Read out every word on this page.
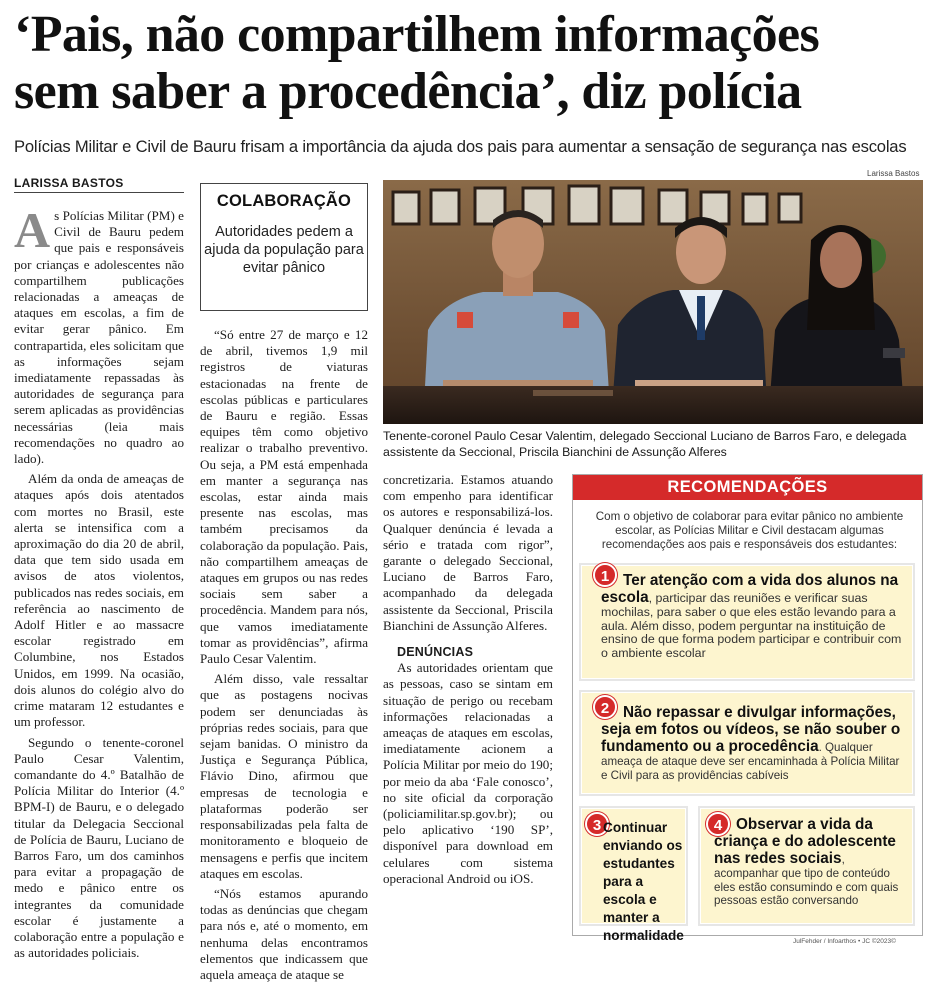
‘Pais, não compartilhem informações
sem saber a procedência’, diz polícia
Polícias Militar e Civil de Bauru frisam a importância da ajuda dos pais para aumentar a sensação de segurança nas escolas
LARISSA BASTOS

As Polícias Militar (PM) e Civil de Bauru pedem que pais e responsáveis por crianças e adolescentes não compartilhem publicações relacionadas a ameaças de ataques em escolas, a fim de evitar gerar pânico. Em contrapartida, eles solicitam que as informações sejam imediatamente repassadas às autoridades de segurança para serem aplicadas as providências necessárias (leia mais recomendações no quadro ao lado).

Além da onda de ameaças de ataques após dois atentados com mortes no Brasil, este alerta se intensifica com a aproximação do dia 20 de abril, data que tem sido usada em avisos de atos violentos, publicados nas redes sociais, em referência ao nascimento de Adolf Hitler e ao massacre escolar registrado em Columbine, nos Estados Unidos, em 1999. Na ocasião, dois alunos do colégio alvo do crime mataram 12 estudantes e um professor.

Segundo o tenente-coronel Paulo Cesar Valentim, comandante do 4.º Batalhão de Polícia Militar do Interior (4.º BPM-I) de Bauru, e o delegado titular da Delegacia Seccional de Polícia de Bauru, Luciano de Barros Faro, um dos caminhos para evitar a propagação de medo e pânico entre os integrantes da comunidade escolar é justamente a colaboração entre a população e as autoridades policiais.

COLABORAÇÃO
Autoridades pedem a ajuda da população para evitar pânico

“Só entre 27 de março e 12 de abril, tivemos 1,9 mil registros de viaturas estacionadas na frente de escolas públicas e particulares de Bauru e região. Essas equipes têm como objetivo realizar o trabalho preventivo. Ou seja, a PM está empenhada em manter a segurança nas escolas, estar ainda mais presente nas escolas, mas também precisamos da colaboração da população. Pais, não compartilhem ameaças de ataques em grupos ou nas redes sociais sem saber a procedência. Mandem para nós, que vamos imediatamente tomar as providências”, afirma Paulo Cesar Valentim.

Além disso, vale ressaltar que as postagens nocivas podem ser denunciadas às próprias redes sociais, para que sejam banidas. O ministro da Justiça e Segurança Pública, Flávio Dino, afirmou que empresas de tecnologia e plataformas poderão ser responsabilizadas pela falta de monitoramento e bloqueio de mensagens e perfis que incitem ataques em escolas.

“Nós estamos apurando todas as denúncias que chegam para nós e, até o momento, em nenhuma delas encontramos elementos que indicassem que aquela ameaça de ataque se

Larissa Bastos
Tenente-coronel Paulo Cesar Valentim, delegado Seccional Luciano de Barros Faro, e delegada assistente da Seccional, Priscila Bianchini de Assunção Alferes

concretizaria. Estamos atuando com empenho para identificar os autores e responsabilizá-los. Qualquer denúncia é levada a sério e tratada com rigor”, garante o delegado Seccional, Luciano de Barros Faro, acompanhado da delegada assistente da Seccional, Priscila Bianchini de Assunção Alferes.

DENÚNCIAS

As autoridades orientam que as pessoas, caso se sintam em situação de perigo ou recebam informações relacionadas a ameaças de ataques em escolas, imediatamente acionem a Polícia Militar por meio do 190; por meio da aba ‘Fale conosco’, no site oficial da corporação (policiamilitar.sp.gov.br); ou pelo aplicativo ‘190 SP’, disponível para download em celulares com sistema operacional Android ou iOS.

RECOMENDAÇÕES
Com o objetivo de colaborar para evitar pânico no ambiente escolar, as Polícias Militar e Civil destacam algumas recomendações aos pais e responsáveis dos estudantes:
1 Ter atenção com a vida dos alunos na escola, participar das reuniões e verificar suas mochilas, para saber o que eles estão levando para a aula. Além disso, podem perguntar na instituição de ensino de que forma podem participar e contribuir com o ambiente escolar
2 Não repassar e divulgar informações, seja em fotos ou vídeos, se não souber o fundamento ou a procedência. Qualquer ameaça de ataque deve ser encaminhada à Polícia Militar e Civil para as providências cabíveis
3 Continuar enviando os estudantes para a escola e manter a normalidade
4 Observar a vida da criança e do adolescente nas redes sociais, acompanhar que tipo de conteúdo eles estão consumindo e com quais pessoas estão conversando
JulFehder / Infoarthos • JC ©2023©
